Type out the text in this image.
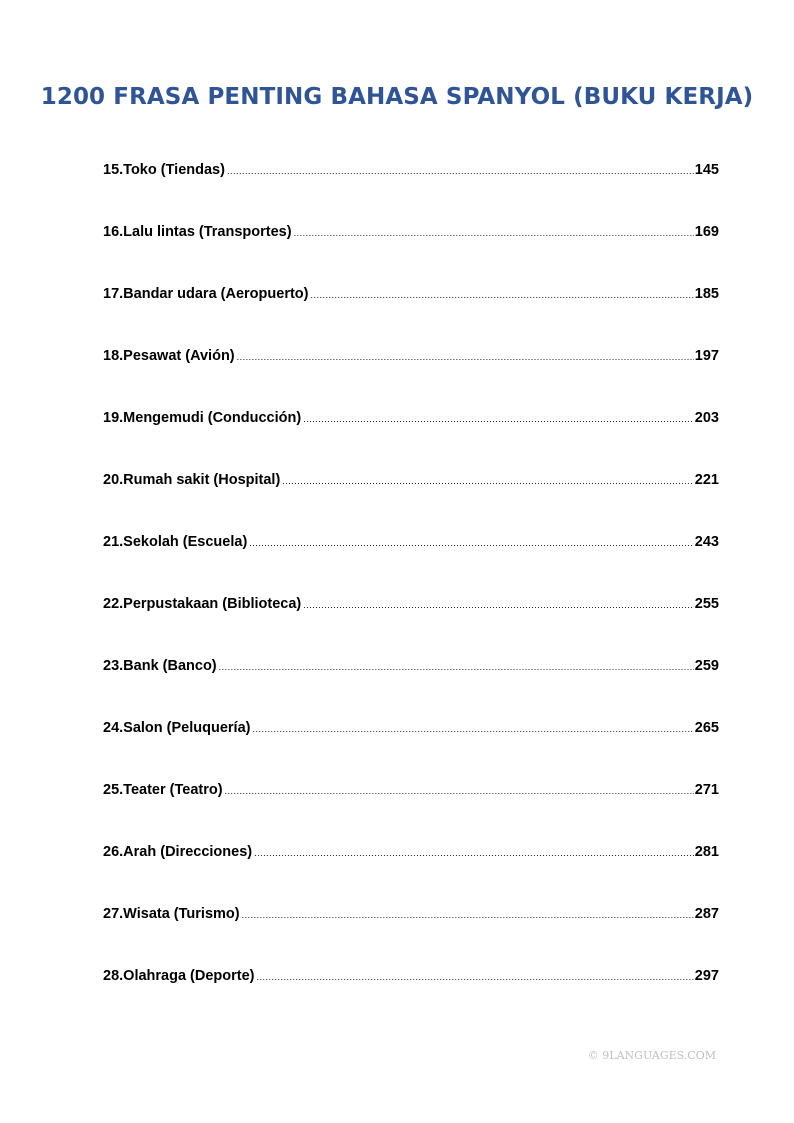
1200 FRASA PENTING BAHASA SPANYOL (BUKU KERJA)
15. Toko (Tiendas) .....	145
16. Lalu lintas (Transportes) .....	169
17. Bandar udara (Aeropuerto) .....	185
18. Pesawat (Avión) .....	197
19. Mengemudi (Conducción) .....	203
20. Rumah sakit (Hospital) .....	221
21. Sekolah (Escuela) .....	243
22. Perpustakaan (Biblioteca) .....	255
23. Bank (Banco) .....	259
24. Salon (Peluquería) .....	265
25. Teater (Teatro) .....	271
26. Arah (Direcciones) .....	281
27. Wisata (Turismo) .....	287
28. Olahraga (Deporte) .....	297
© 9LANGUAGES.COM
